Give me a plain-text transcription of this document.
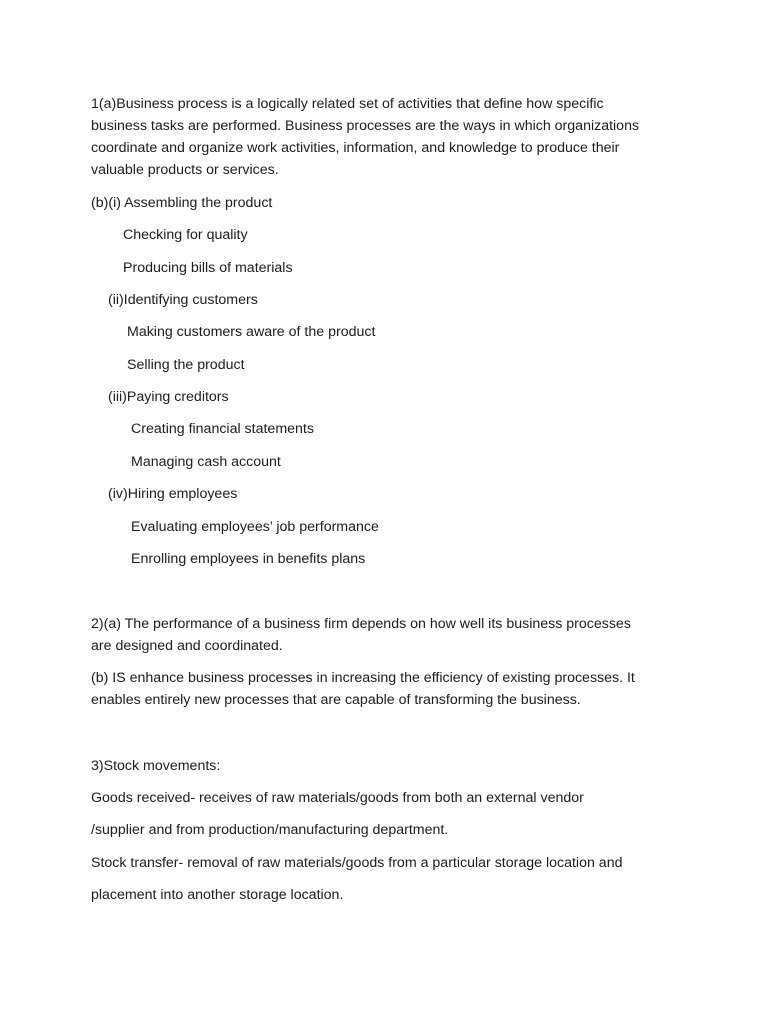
1(a)Business process is a logically related set of activities that define how specific
business tasks are performed. Business processes are the ways in which organizations
coordinate and organize work activities, information, and knowledge to produce their
valuable products or services.
(b)(i) Assembling the product
Checking for quality
Producing bills of materials
(ii)Identifying customers
Making customers aware of the product
Selling the product
(iii)Paying creditors
Creating financial statements
Managing cash account
(iv)Hiring employees
Evaluating employees’ job performance
Enrolling employees in benefits plans
2)(a) The performance of a business firm depends on how well its business processes
are designed and coordinated.
(b) IS enhance business processes in increasing the efficiency of existing processes. It
enables entirely new processes that are capable of transforming the business.
3)Stock movements:
Goods received- receives of raw materials/goods from both an external vendor
/supplier and from production/manufacturing department.
Stock transfer- removal of raw materials/goods from a particular storage location and
placement into another storage location.
